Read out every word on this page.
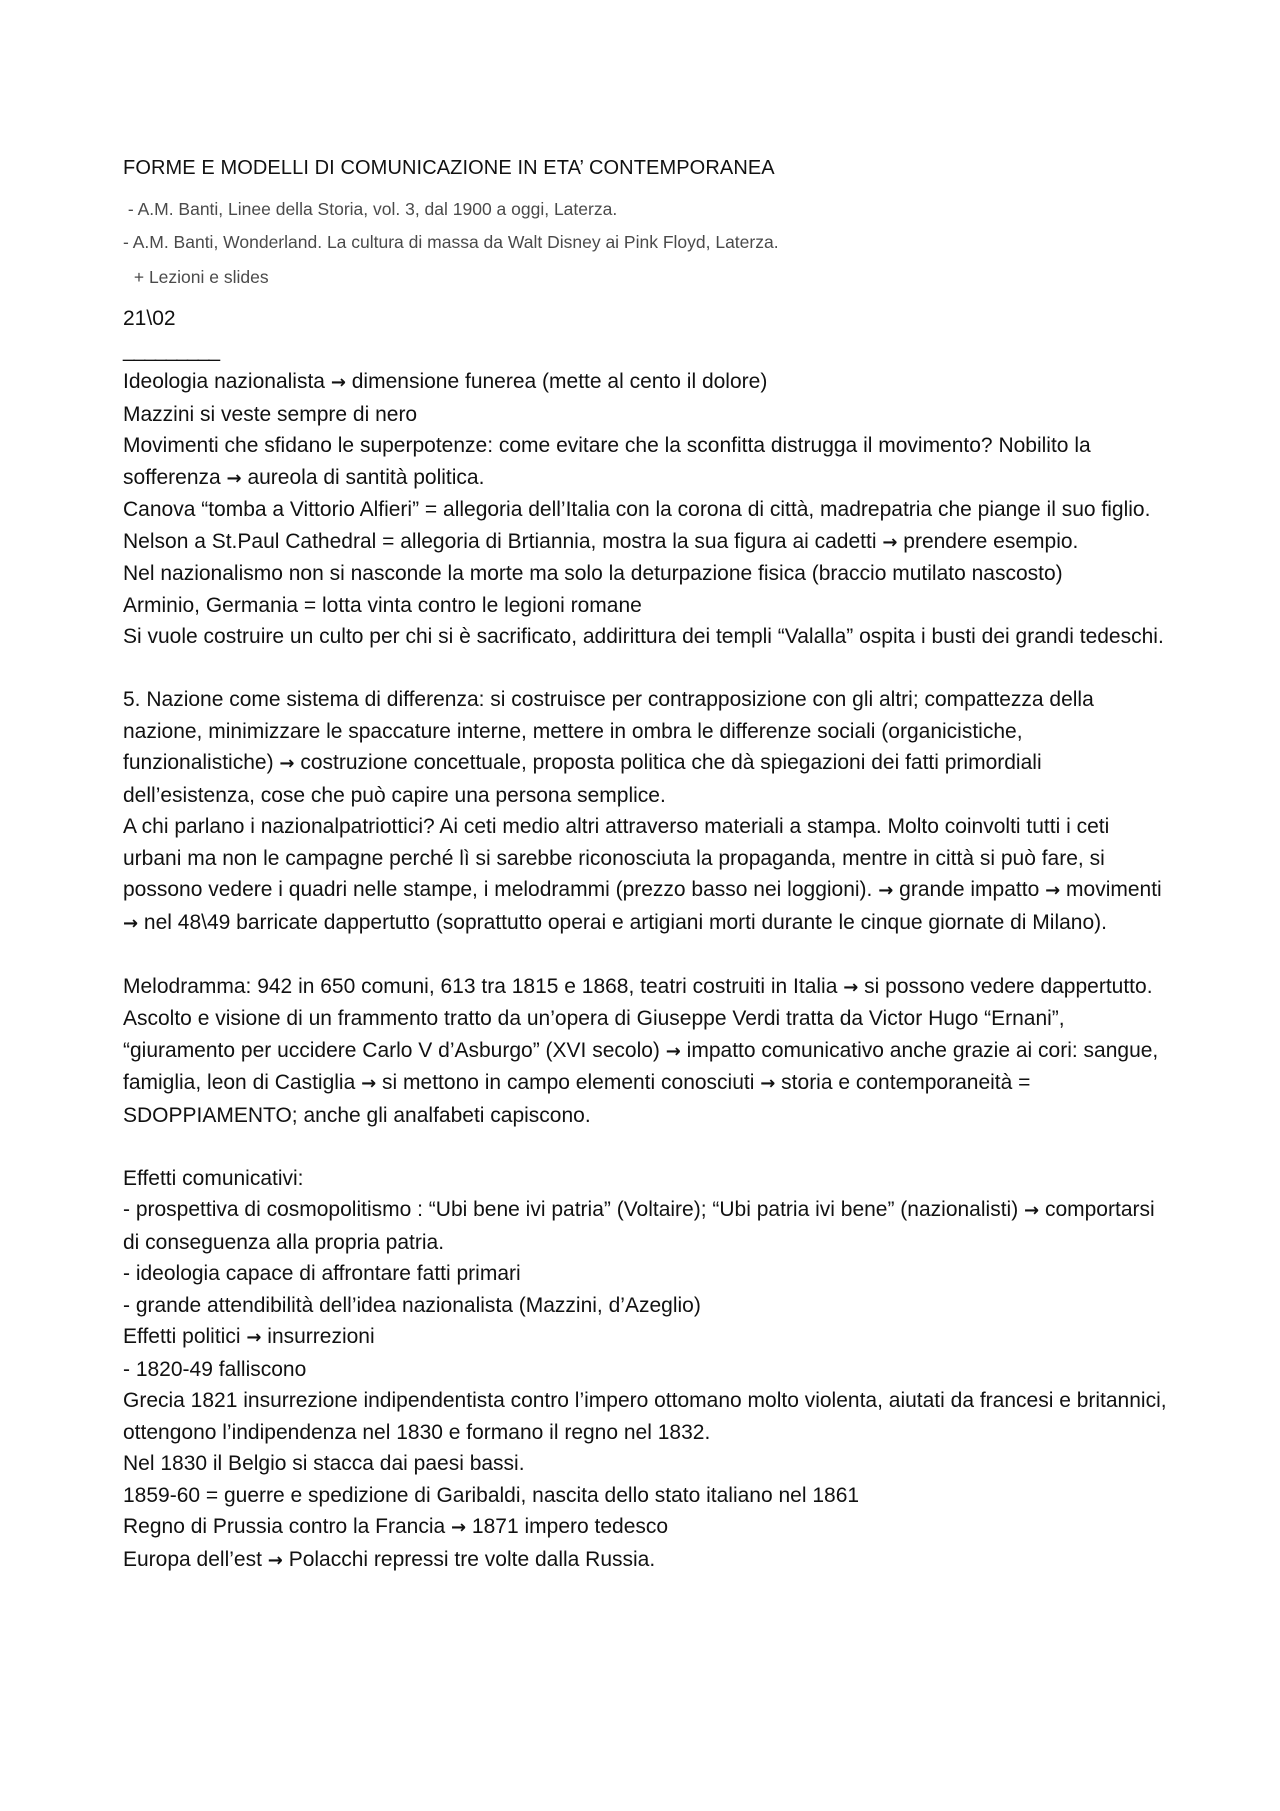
FORME E MODELLI DI COMUNICAZIONE IN ETA’ CONTEMPORANEA

- A.M. Banti, Linee della Storia, vol. 3, dal 1900 a oggi, Laterza.

- A.M. Banti, Wonderland. La cultura di massa da Walt Disney ai Pink Floyd, Laterza.

+ Lezioni e slides

21\02

_________

Ideologia nazionalista → dimensione funerea (mette al cento il dolore)

Mazzini si veste sempre di nero

Movimenti che sfidano le superpotenze: come evitare che la sconfitta distrugga il movimento? Nobilito la sofferenza → aureola di santità politica.

Canova “tomba a Vittorio Alfieri” = allegoria dell’Italia con la corona di città, madrepatria che piange il suo figlio.

Nelson a St.Paul Cathedral = allegoria di Brtiannia, mostra la sua figura ai cadetti → prendere esempio.

Nel nazionalismo non si nasconde la morte ma solo la deturpazione fisica (braccio mutilato nascosto)

Arminio, Germania = lotta vinta contro le legioni romane

Si vuole costruire un culto per chi si è sacrificato, addirittura dei templi “Valalla” ospita i busti dei grandi tedeschi.

5. Nazione come sistema di differenza: si costruisce per contrapposizione con gli altri; compattezza della nazione, minimizzare le spaccature interne, mettere in ombra le differenze sociali (organicistiche, funzionalistiche) → costruzione concettuale, proposta politica che dà spiegazioni dei fatti primordiali dell’esistenza, cose che può capire una persona semplice.

A chi parlano i nazionalpatriottici? Ai ceti medio altri attraverso materiali a stampa. Molto coinvolti tutti i ceti urbani ma non le campagne perché lì si sarebbe riconosciuta la propaganda, mentre in città si può fare, si possono vedere i quadri nelle stampe, i melodrammi (prezzo basso nei loggioni). → grande impatto → movimenti → nel 48\49 barricate dappertutto (soprattutto operai e artigiani morti durante le cinque giornate di Milano).

Melodramma: 942 in 650 comuni, 613 tra 1815 e 1868, teatri costruiti in Italia → si possono vedere dappertutto.

Ascolto e visione di un frammento tratto da un’opera di Giuseppe Verdi tratta da Victor Hugo “Ernani”, “giuramento per uccidere Carlo V d’Asburgo” (XVI secolo) → impatto comunicativo anche grazie ai cori: sangue, famiglia, leon di Castiglia → si mettono in campo elementi conosciuti → storia e contemporaneità = SDOPPIAMENTO; anche gli analfabeti capiscono.

Effetti comunicativi:

- prospettiva di cosmopolitismo : “Ubi bene ivi patria” (Voltaire); “Ubi patria ivi bene” (nazionalisti) → comportarsi di conseguenza alla propria patria.

- ideologia capace di affrontare fatti primari

- grande attendibilità dell’idea nazionalista (Mazzini, d’Azeglio)

Effetti politici → insurrezioni

- 1820-49 falliscono

Grecia 1821 insurrezione indipendentista contro l’impero ottomano molto violenta, aiutati da francesi e britannici, ottengono l’indipendenza nel 1830 e formano il regno nel 1832.

Nel 1830 il Belgio si stacca dai paesi bassi.

1859-60 = guerre e spedizione di Garibaldi, nascita dello stato italiano nel 1861

Regno di Prussia contro la Francia → 1871 impero tedesco

Europa dell’est → Polacchi repressi tre volte dalla Russia.
